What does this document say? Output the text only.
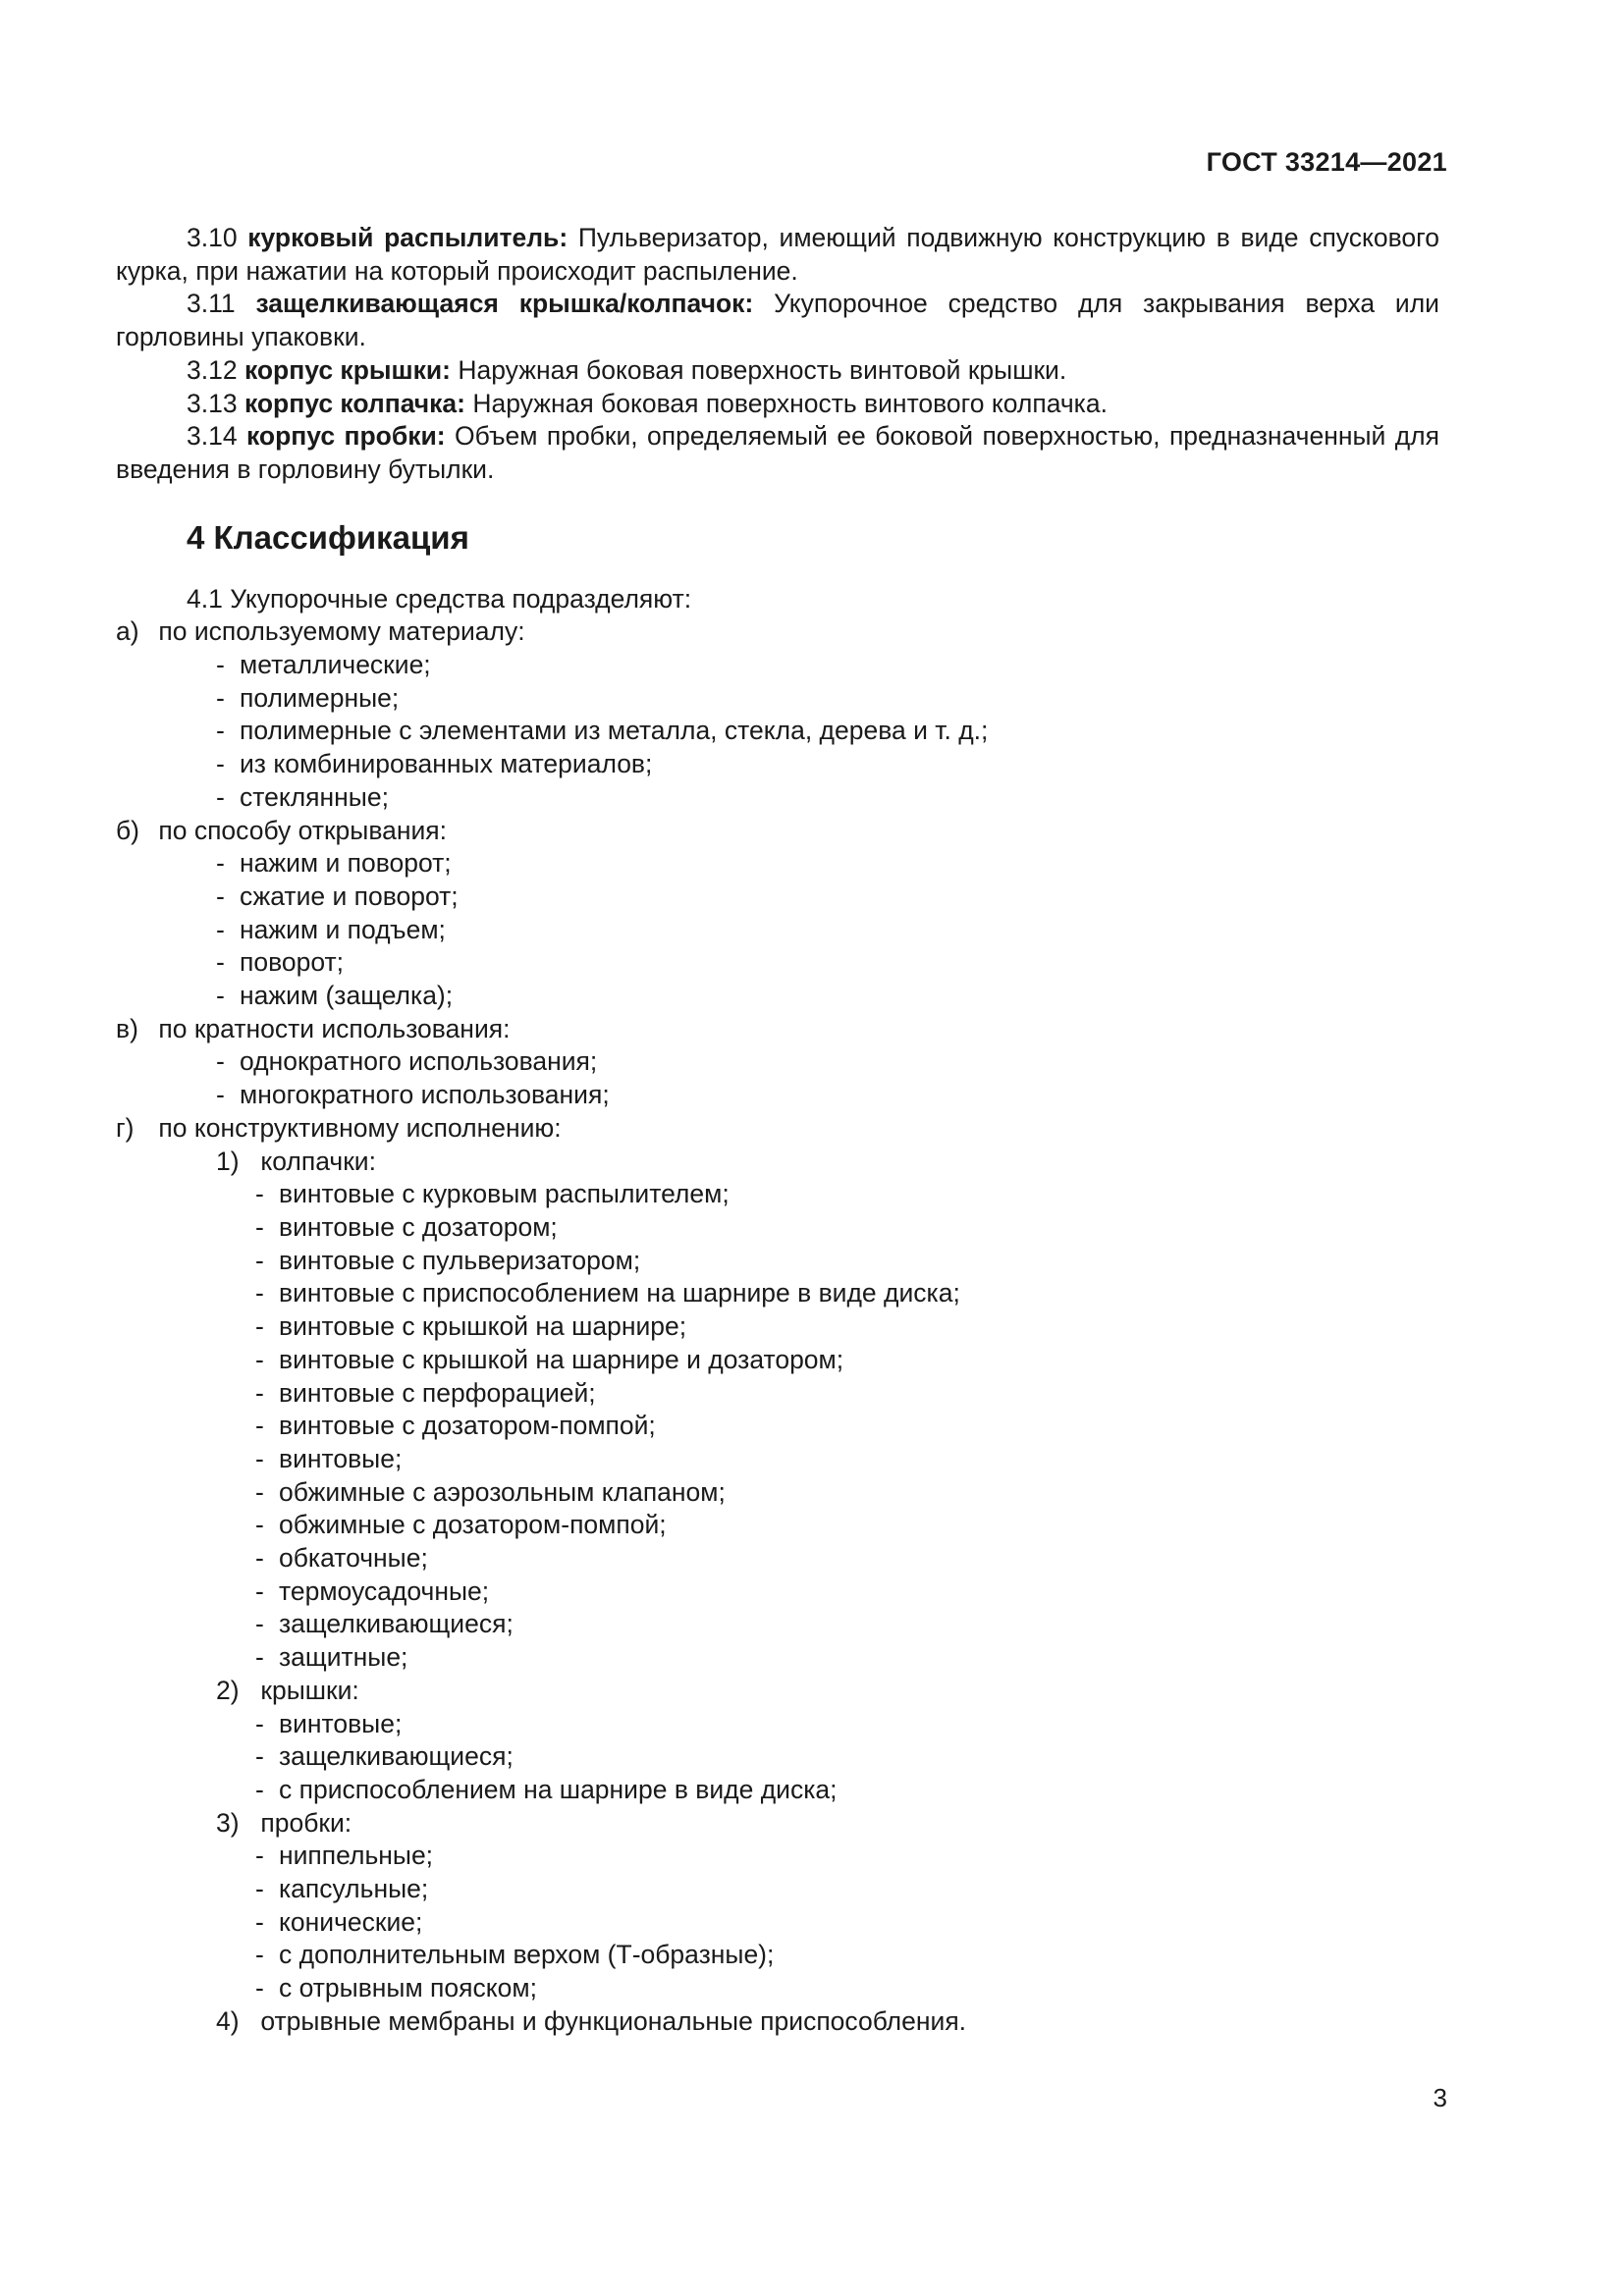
ГОСТ 33214—2021

3.10 курковый распылитель: Пульверизатор, имеющий подвижную конструкцию в виде спускового курка, при нажатии на который происходит распыление.

3.11 защелкивающаяся крышка/колпачок: Укупорочное средство для закрывания верха или горловины упаковки.

3.12 корпус крышки: Наружная боковая поверхность винтовой крышки.

3.13 корпус колпачка: Наружная боковая поверхность винтового колпачка.

3.14 корпус пробки: Объем пробки, определяемый ее боковой поверхностью, предназначенный для введения в горловину бутылки.

4 Классификация

4.1 Укупорочные средства подразделяют:

а) по используемому материалу:

- металлические;

- полимерные;

- полимерные с элементами из металла, стекла, дерева и т. д.;

- из комбинированных материалов;

- стеклянные;

б) по способу открывания:

- нажим и поворот;

- сжатие и поворот;

- нажим и подъем;

- поворот;

- нажим (защелка);

в) по кратности использования:

- однократного использования;

- многократного использования;

г) по конструктивному исполнению:

1) колпачки:

- винтовые с курковым распылителем;

- винтовые с дозатором;

- винтовые с пульверизатором;

- винтовые с приспособлением на шарнире в виде диска;

- винтовые с крышкой на шарнире;

- винтовые с крышкой на шарнире и дозатором;

- винтовые с перфорацией;

- винтовые с дозатором-помпой;

- винтовые;

- обжимные с аэрозольным клапаном;

- обжимные с дозатором-помпой;

- обкаточные;

- термоусадочные;

- защелкивающиеся;

- защитные;

2) крышки:

- винтовые;

- защелкивающиеся;

- с приспособлением на шарнире в виде диска;

3) пробки:

- ниппельные;

- капсульные;

- конические;

- с дополнительным верхом (Т-образные);

- с отрывным пояском;

4) отрывные мембраны и функциональные приспособления.

3
